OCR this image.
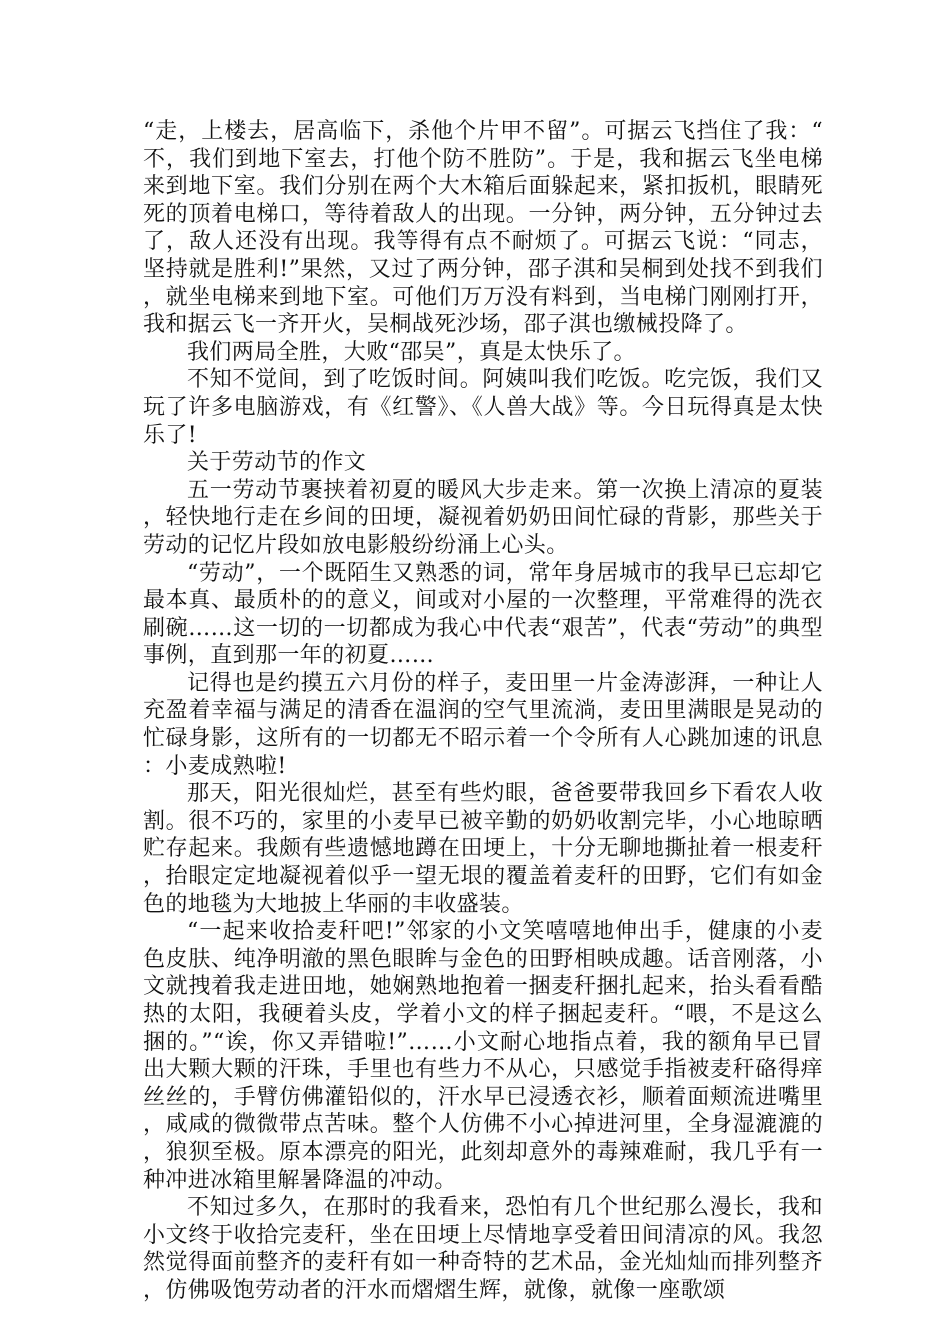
“走，上楼去，居高临下，杀他个片甲不留”。可据云飞挡住了我：“不，我们到地下室去，打他个防不胜防”。于是，我和据云飞坐电梯来到地下室。我们分别在两个大木箱后面躲起来，紧扣扳机，眼睛死死的顶着电梯口，等待着敌人的出现。一分钟，两分钟，五分钟过去了，敌人还没有出现。我等得有点不耐烦了。可据云飞说：“同志，坚持就是胜利!”果然，又过了两分钟，邵子淇和吴桐到处找不到我们，就坐电梯来到地下室。可他们万万没有料到，当电梯门刚刚打开，我和据云飞一齐开火，吴桐战死沙场，邵子淇也缴械投降了。

我们两局全胜，大败“邵吴”，真是太快乐了。

不知不觉间，到了吃饭时间。阿姨叫我们吃饭。吃完饭，我们又玩了许多电脑游戏，有《红警》、《人兽大战》等。今日玩得真是太快乐了!

关于劳动节的作文

五一劳动节裹挟着初夏的暖风大步走来。第一次换上清凉的夏装，轻快地行走在乡间的田埂，凝视着奶奶田间忙碌的背影，那些关于劳动的记忆片段如放电影般纷纷涌上心头。

“劳动”，一个既陌生又熟悉的词，常年身居城市的我早已忘却它最本真、最质朴的的意义，间或对小屋的一次整理，平常难得的洗衣刷碗……这一切的一切都成为我心中代表“艰苦”，代表“劳动”的典型事例，直到那一年的初夏……

记得也是约摸五六月份的样子，麦田里一片金涛澎湃，一种让人充盈着幸福与满足的清香在温润的空气里流淌，麦田里满眼是晃动的忙碌身影，这所有的一切都无不昭示着一个令所有人心跳加速的讯息：小麦成熟啦!

那天，阳光很灿烂，甚至有些灼眼，爸爸要带我回乡下看农人收割。很不巧的，家里的小麦早已被辛勤的奶奶收割完毕，小心地晾晒贮存起来。我颇有些遗憾地蹲在田埂上，十分无聊地撕扯着一根麦秆，抬眼定定地凝视着似乎一望无垠的覆盖着麦秆的田野，它们有如金色的地毯为大地披上华丽的丰收盛装。

“一起来收拾麦秆吧!”邻家的小文笑嘻嘻地伸出手，健康的小麦色皮肤、纯净明澈的黑色眼眸与金色的田野相映成趣。话音刚落，小文就拽着我走进田地，她娴熟地抱着一捆麦秆捆扎起来，抬头看看酷热的太阳，我硬着头皮，学着小文的样子捆起麦秆。“喂，不是这么捆的。”“诶，你又弄错啦!”……小文耐心地指点着，我的额角早已冒出大颗大颗的汗珠，手里也有些力不从心，只感觉手指被麦秆硌得痒丝丝的，手臂仿佛灌铅似的，汗水早已浸透衣衫，顺着面颊流进嘴里，咸咸的微微带点苦味。整个人仿佛不小心掉进河里，全身湿漉漉的，狼狈至极。原本漂亮的阳光，此刻却意外的毒辣难耐，我几乎有一种冲进冰箱里解暑降温的冲动。

不知过多久，在那时的我看来，恐怕有几个世纪那么漫长，我和小文终于收拾完麦秆，坐在田埂上尽情地享受着田间清凉的风。我忽然觉得面前整齐的麦秆有如一种奇特的艺术品，金光灿灿而排列整齐，仿佛吸饱劳动者的汗水而熠熠生辉，就像，就像一座歌颂
